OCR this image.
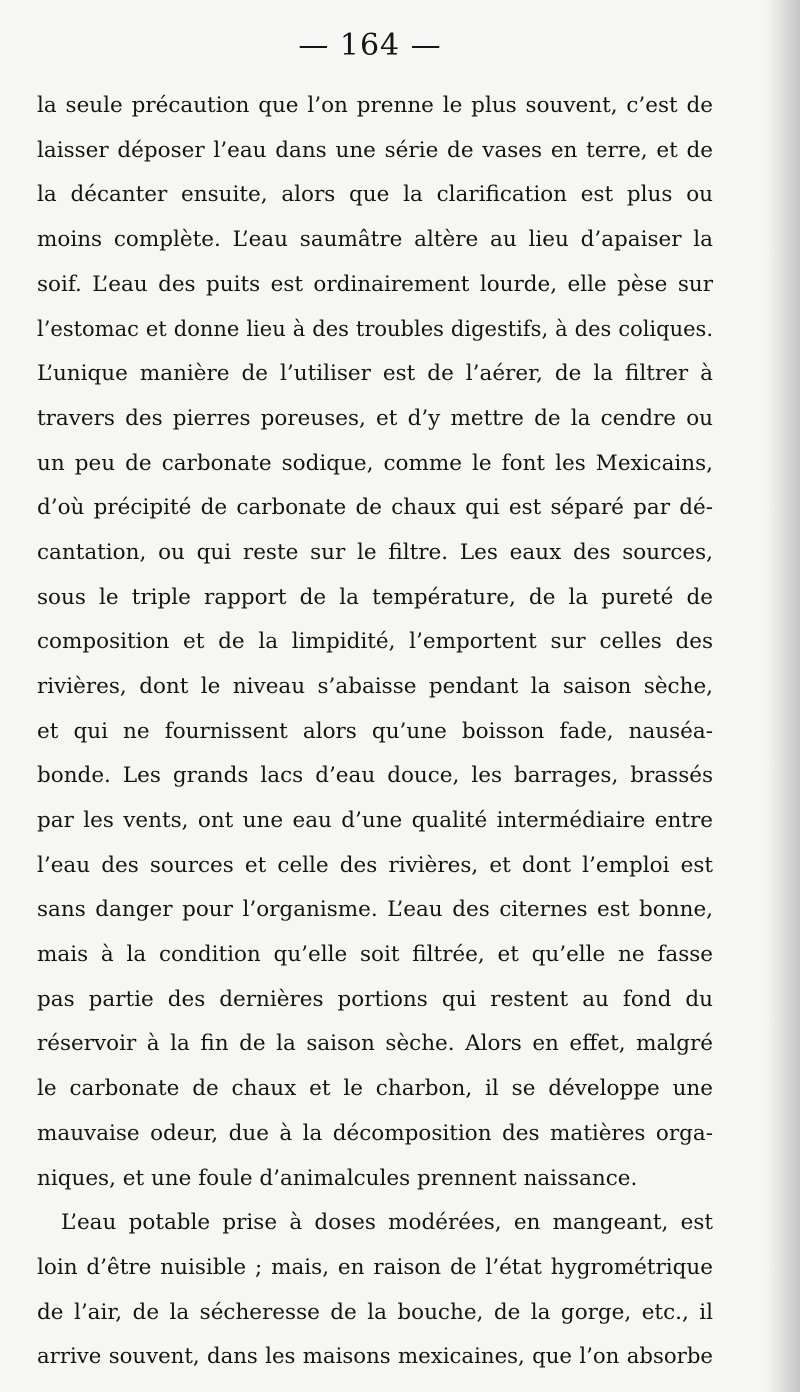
— 164 —
la seule précaution que l’on prenne le plus souvent, c’est de
laisser déposer l’eau dans une série de vases en terre, et de
la décanter ensuite, alors que la clarification est plus ou
moins complète. L’eau saumâtre altère au lieu d’apaiser la
soif. L’eau des puits est ordinairement lourde, elle pèse sur
l’estomac et donne lieu à des troubles digestifs, à des coliques.
L’unique manière de l’utiliser est de l’aérer, de la filtrer à
travers des pierres poreuses, et d’y mettre de la cendre ou
un peu de carbonate sodique, comme le font les Mexicains,
d’où précipité de carbonate de chaux qui est séparé par dé-
cantation, ou qui reste sur le filtre. Les eaux des sources,
sous le triple rapport de la température, de la pureté de
composition et de la limpidité, l’emportent sur celles des
rivières, dont le niveau s’abaisse pendant la saison sèche,
et qui ne fournissent alors qu’une boisson fade, nauséa-
bonde. Les grands lacs d’eau douce, les barrages, brassés
par les vents, ont une eau d’une qualité intermédiaire entre
l’eau des sources et celle des rivières, et dont l’emploi est
sans danger pour l’organisme. L’eau des citernes est bonne,
mais à la condition qu’elle soit filtrée, et qu’elle ne fasse
pas partie des dernières portions qui restent au fond du
réservoir à la fin de la saison sèche. Alors en effet, malgré
le carbonate de chaux et le charbon, il se développe une
mauvaise odeur, due à la décomposition des matières orga-
niques, et une foule d’animalcules prennent naissance.
L’eau potable prise à doses modérées, en mangeant, est
loin d’être nuisible ; mais, en raison de l’état hygrométrique
de l’air, de la sécheresse de la bouche, de la gorge, etc., il
arrive souvent, dans les maisons mexicaines, que l’on absorbe
